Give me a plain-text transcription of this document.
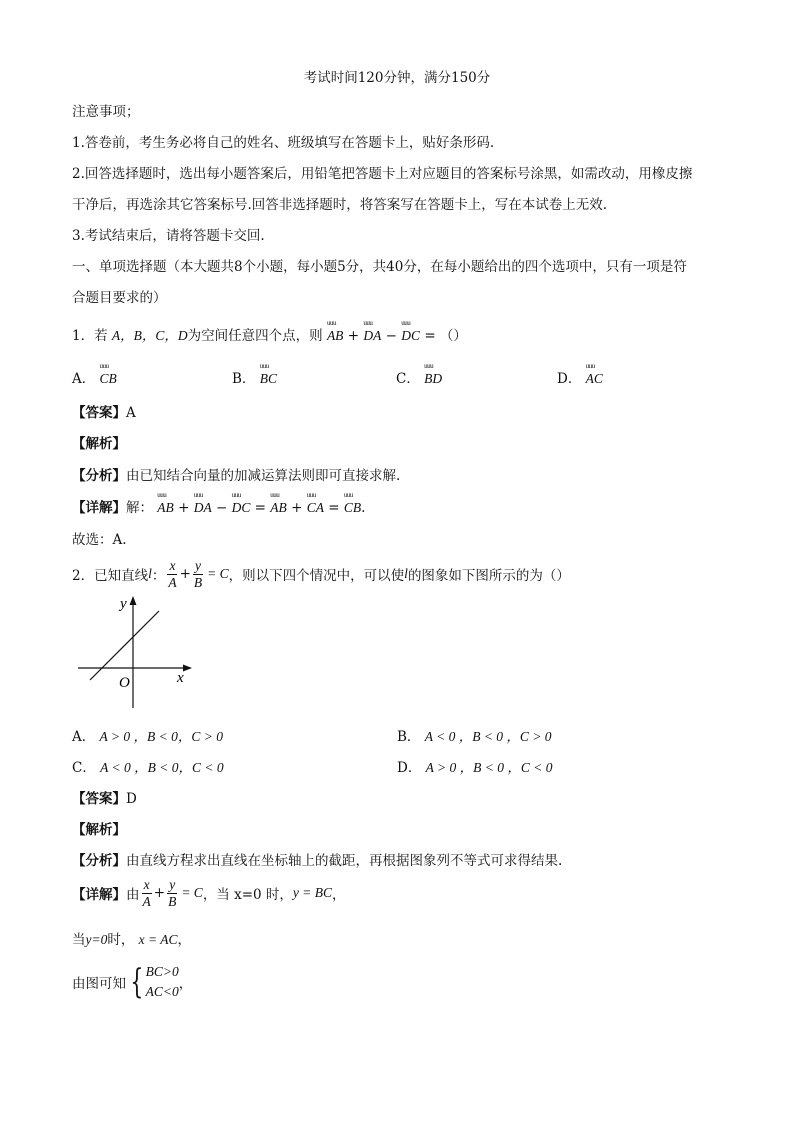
考试时间120分钟，满分150分
注意事项；
1.答卷前，考生务必将自己的姓名、班级填写在答题卡上，贴好条形码.
2.回答选择题时，选出每小题答案后，用铅笔把答题卡上对应题目的答案标号涂黑，如需改动，用橡皮擦
干净后，再选涂其它答案标号.回答非选择题时，将答案写在答题卡上，写在本试卷上无效.
3.考试结束后，请将答题卡交回.
一、单项选择题（本大题共8个小题，每小题5分，共40分，在每小题给出的四个选项中，只有一项是符
合题目要求的）
1．若 A，B，C，D为空间任意四个点，则 uuu AB + uuu DA − uuu DC = （）
A． uuu CB	B． uuu BC	C． uuu BD	D． uuu AC
【答案】A
【解析】
【分析】由已知结合向量的加减运算法则即可直接求解.
【详解】解： uuu AB + uuu DA − uuu DC = uuu AB + uuu CA = uuu CB.
故选：A.
2．已知直线 l ： $\frac{x}{A} + \frac{y}{B} = C$ ，则以下四个情况中，可以使 l 的图象如下图所示的为（）
x
y
O
A． A > 0 ，B < 0，C > 0	B． A < 0 ，B < 0 ，C > 0
C． A < 0 ，B < 0，C < 0	D． A > 0 ，B < 0 ，C < 0
【答案】D
【解析】
【分析】由直线方程求出直线在坐标轴上的截距，再根据图象列不等式可求得结果.
【详解】 由 $\frac{x}{A} + \frac{y}{B} = C$ ，当 x=0 时， y = BC ，
当y=0时， x = AC，
由图可知 { BC>0
AC<0 ，
